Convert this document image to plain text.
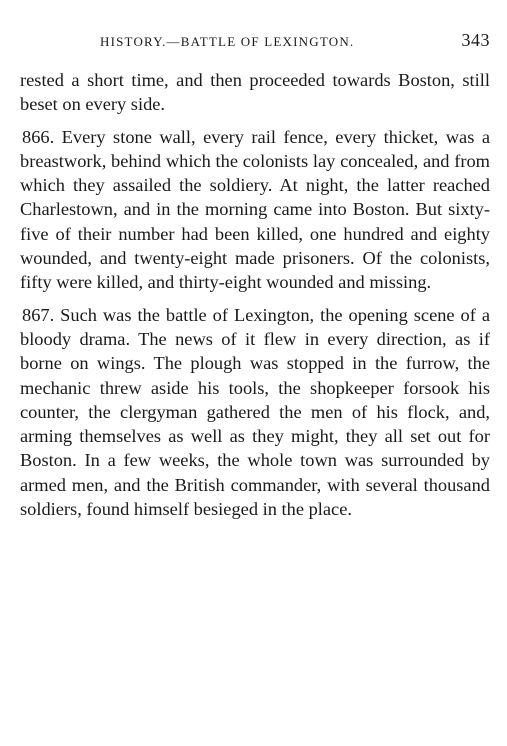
HISTORY.—BATTLE OF LEXINGTON.	343

rested a short time, and then proceeded towards Boston, still beset on every side.

866. Every stone wall, every rail fence, every thicket, was a breastwork, behind which the colonists lay concealed, and from which they assailed the soldiery. At night, the latter reached Charlestown, and in the morning came into Boston. But sixty-five of their number had been killed, one hundred and eighty wounded, and twenty-eight made prisoners. Of the colonists, fifty were killed, and thirty-eight wounded and missing.

867. Such was the battle of Lexington, the opening scene of a bloody drama. The news of it flew in every direction, as if borne on wings. The plough was stopped in the furrow, the mechanic threw aside his tools, the shopkeeper forsook his counter, the clergyman gathered the men of his flock, and, arming themselves as well as they might, they all set out for Boston. In a few weeks, the whole town was surrounded by armed men, and the British commander, with several thousand soldiers, found himself besieged in the place.
